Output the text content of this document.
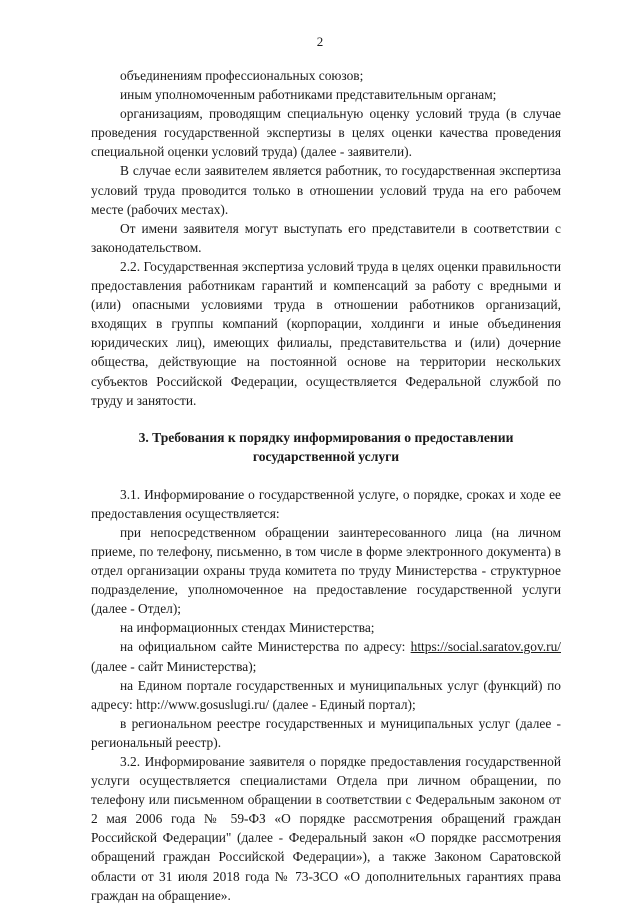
2

объединениям профессиональных союзов;

иным уполномоченным работниками представительным органам;

организациям, проводящим специальную оценку условий труда (в случае проведения государственной экспертизы в целях оценки качества проведения специальной оценки условий труда) (далее - заявители).

В случае если заявителем является работник, то государственная экспертиза условий труда проводится только в отношении условий труда на его рабочем месте (рабочих местах).

От имени заявителя могут выступать его представители в соответствии с законодательством.

2.2. Государственная экспертиза условий труда в целях оценки правильности предоставления работникам гарантий и компенсаций за работу с вредными и (или) опасными условиями труда в отношении работников организаций, входящих в группы компаний (корпорации, холдинги и иные объединения юридических лиц), имеющих филиалы, представительства и (или) дочерние общества, действующие на постоянной основе на территории нескольких субъектов Российской Федерации, осуществляется Федеральной службой по труду и занятости.

3. Требования к порядку информирования о предоставлении
государственной услуги

3.1. Информирование о государственной услуге, о порядке, сроках и ходе ее предоставления осуществляется:

при непосредственном обращении заинтересованного лица (на личном приеме, по телефону, письменно, в том числе в форме электронного документа) в отдел организации охраны труда комитета по труду Министерства - структурное подразделение, уполномоченное на предоставление государственной услуги (далее - Отдел);

на информационных стендах Министерства;

на официальном сайте Министерства по адресу: https://social.saratov.gov.ru/ (далее - сайт Министерства);

на Едином портале государственных и муниципальных услуг (функций) по адресу: http://www.gosuslugi.ru/ (далее - Единый портал);

в региональном реестре государственных и муниципальных услуг (далее - региональный реестр).

3.2. Информирование заявителя о порядке предоставления государственной услуги осуществляется специалистами Отдела при личном обращении, по телефону или письменном обращении в соответствии с Федеральным законом от 2 мая 2006 года № 59-ФЗ «О порядке рассмотрения обращений граждан Российской Федерации" (далее - Федеральный закон «О порядке рассмотрения обращений граждан Российской Федерации»), а также Законом Саратовской области от 31 июля 2018 года № 73-ЗСО «О дополнительных гарантиях права граждан на обращение».
